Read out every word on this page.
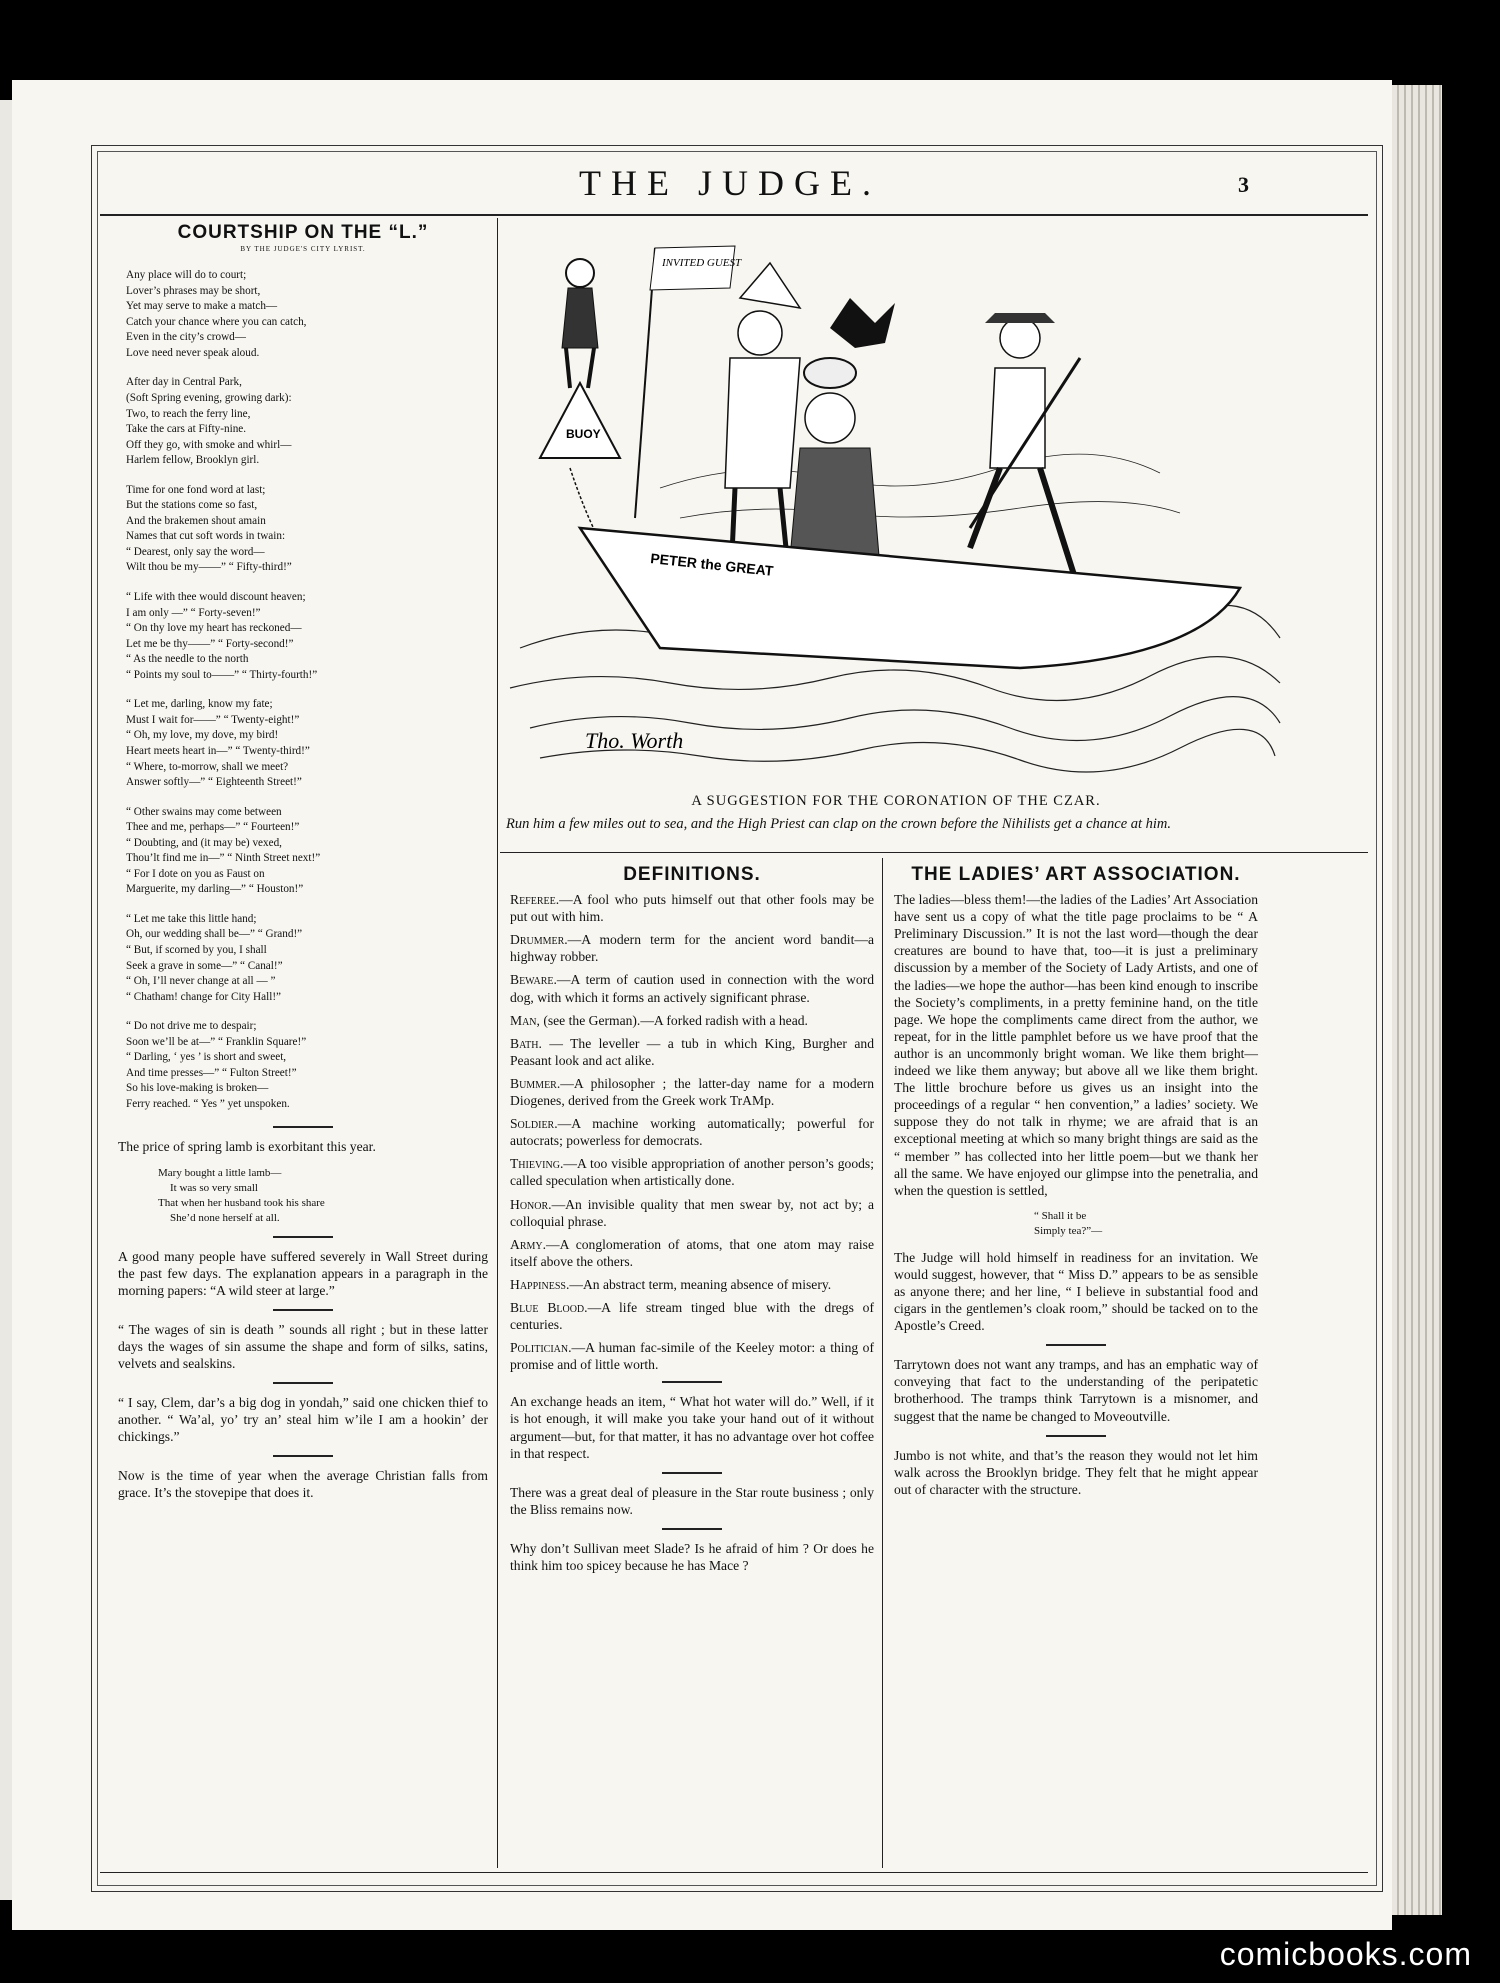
THE JUDGE.	3
COURTSHIP ON THE “L.”
BY THE JUDGE'S CITY LYRIST.
Any place will do to court;
Lover’s phrases may be short,
Yet may serve to make a match—
Catch your chance where you can catch,
Even in the city’s crowd—
Love need never speak aloud.
After day in Central Park,
(Soft Spring evening, growing dark):
Two, to reach the ferry line,
Take the cars at Fifty-nine.
Off they go, with smoke and whirl—
Harlem fellow, Brooklyn girl.
Time for one fond word at last;
But the stations come so fast,
And the brakemen shout amain
Names that cut soft words in twain:
“ Dearest, only say the word—
Wilt thou be my——” “ Fifty-third!”
“ Life with thee would discount heaven;
I am only —” “ Forty-seven!”
“ On thy love my heart has reckoned—
Let me be thy——” “ Forty-second!”
“ As the needle to the north
“ Points my soul to——” “ Thirty-fourth!”
“ Let me, darling, know my fate;
Must I wait for——” “ Twenty-eight!”
“ Oh, my love, my dove, my bird!
Heart meets heart in—” “ Twenty-third!”
“ Where, to-morrow, shall we meet?
Answer softly—” “ Eighteenth Street!”
“ Other swains may come between
Thee and me, perhaps—” “ Fourteen!”
“ Doubting, and (it may be) vexed,
Thou’lt find me in—” “ Ninth Street next!”
“ For I dote on you as Faust on
Marguerite, my darling—” “ Houston!”
“ Let me take this little hand;
Oh, our wedding shall be—” “ Grand!”
“ But, if scorned by you, I shall
Seek a grave in some—” “ Canal!”
“ Oh, I’ll never change at all — ”
“ Chatham! change for City Hall!”
“ Do not drive me to despair;
Soon we’ll be at—” “ Franklin Square!”
“ Darling, ‘ yes ’ is short and sweet,
And time presses—” “ Fulton Street!”
So his love-making is broken—
Ferry reached. “ Yes ” yet unspoken.

The price of spring lamb is exorbitant this year.

Mary bought a little lamb—
It was so very small
That when her husband took his share
She’d none herself at all.

A good many people have suffered severely in Wall Street during the past few days. The explanation appears in a paragraph in the morning papers: “A wild steer at large.”

“ The wages of sin is death ” sounds all right ; but in these latter days the wages of sin assume the shape and form of silks, satins, velvets and sealskins.

“ I say, Clem, dar’s a big dog in yondah,” said one chicken thief to another. “ Wa’al, yo’ try an’ steal him w’ile I am a hookin’ der chickings.”

Now is the time of year when the average Christian falls from grace. It’s the stovepipe that does it.

BUOY
INVITED GUEST
PETER the GREAT
Tho. Worth
A SUGGESTION FOR THE CORONATION OF THE CZAR.
Run him a few miles out to sea, and the High Priest can clap on the crown before the Nihilists get a chance at him.
DEFINITIONS.

Referee.—A fool who puts himself out that other fools may be put out with him.

Drummer.—A modern term for the ancient word bandit—a highway robber.

Beware.—A term of caution used in connection with the word dog, with which it forms an actively significant phrase.

Man, (see the German).—A forked radish with a head.

Bath. — The leveller — a tub in which King, Burgher and Peasant look and act alike.

Bummer.—A philosopher ; the latter-day name for a modern Diogenes, derived from the Greek work TrAMp.

Soldier.—A machine working automatically; powerful for autocrats; powerless for democrats.

Thieving.—A too visible appropriation of another person’s goods; called speculation when artistically done.

Honor.—An invisible quality that men swear by, not act by; a colloquial phrase.

Army.—A conglomeration of atoms, that one atom may raise itself above the others.

Happiness.—An abstract term, meaning absence of misery.

Blue Blood.—A life stream tinged blue with the dregs of centuries.

Politician.—A human fac-simile of the Keeley motor: a thing of promise and of little worth.

An exchange heads an item, “ What hot water will do.” Well, if it is hot enough, it will make you take your hand out of it without argument—but, for that matter, it has no advantage over hot coffee in that respect.

There was a great deal of pleasure in the Star route business ; only the Bliss remains now.

Why don’t Sullivan meet Slade? Is he afraid of him ? Or does he think him too spicey because he has Mace ?

THE LADIES’ ART ASSOCIATION.

The ladies—bless them!—the ladies of the Ladies’ Art Association have sent us a copy of what the title page proclaims to be “ A Preliminary Discussion.” It is not the last word—though the dear creatures are bound to have that, too—it is just a preliminary discussion by a member of the Society of Lady Artists, and one of the ladies—we hope the author—has been kind enough to inscribe the Society’s compliments, in a pretty feminine hand, on the title page. We hope the compliments came direct from the author, we repeat, for in the little pamphlet before us we have proof that the author is an uncommonly bright woman. We like them bright—indeed we like them anyway; but above all we like them bright. The little brochure before us gives us an insight into the proceedings of a regular “ hen convention,” a ladies’ society. We suppose they do not talk in rhyme; we are afraid that is an exceptional meeting at which so many bright things are said as the “ member ” has collected into her little poem—but we thank her all the same. We have enjoyed our glimpse into the penetralia, and when the question is settled,

“ Shall it be
Simply tea?”—

The Judge will hold himself in readiness for an invitation. We would suggest, however, that “ Miss D.” appears to be as sensible as anyone there; and her line, “ I believe in substantial food and cigars in the gentlemen’s cloak room,” should be tacked on to the Apostle’s Creed.

Tarrytown does not want any tramps, and has an emphatic way of conveying that fact to the understanding of the peripatetic brotherhood. The tramps think Tarrytown is a misnomer, and suggest that the name be changed to Moveoutville.

Jumbo is not white, and that’s the reason they would not let him walk across the Brooklyn bridge. They felt that he might appear out of character with the structure.

comicbooks.com
